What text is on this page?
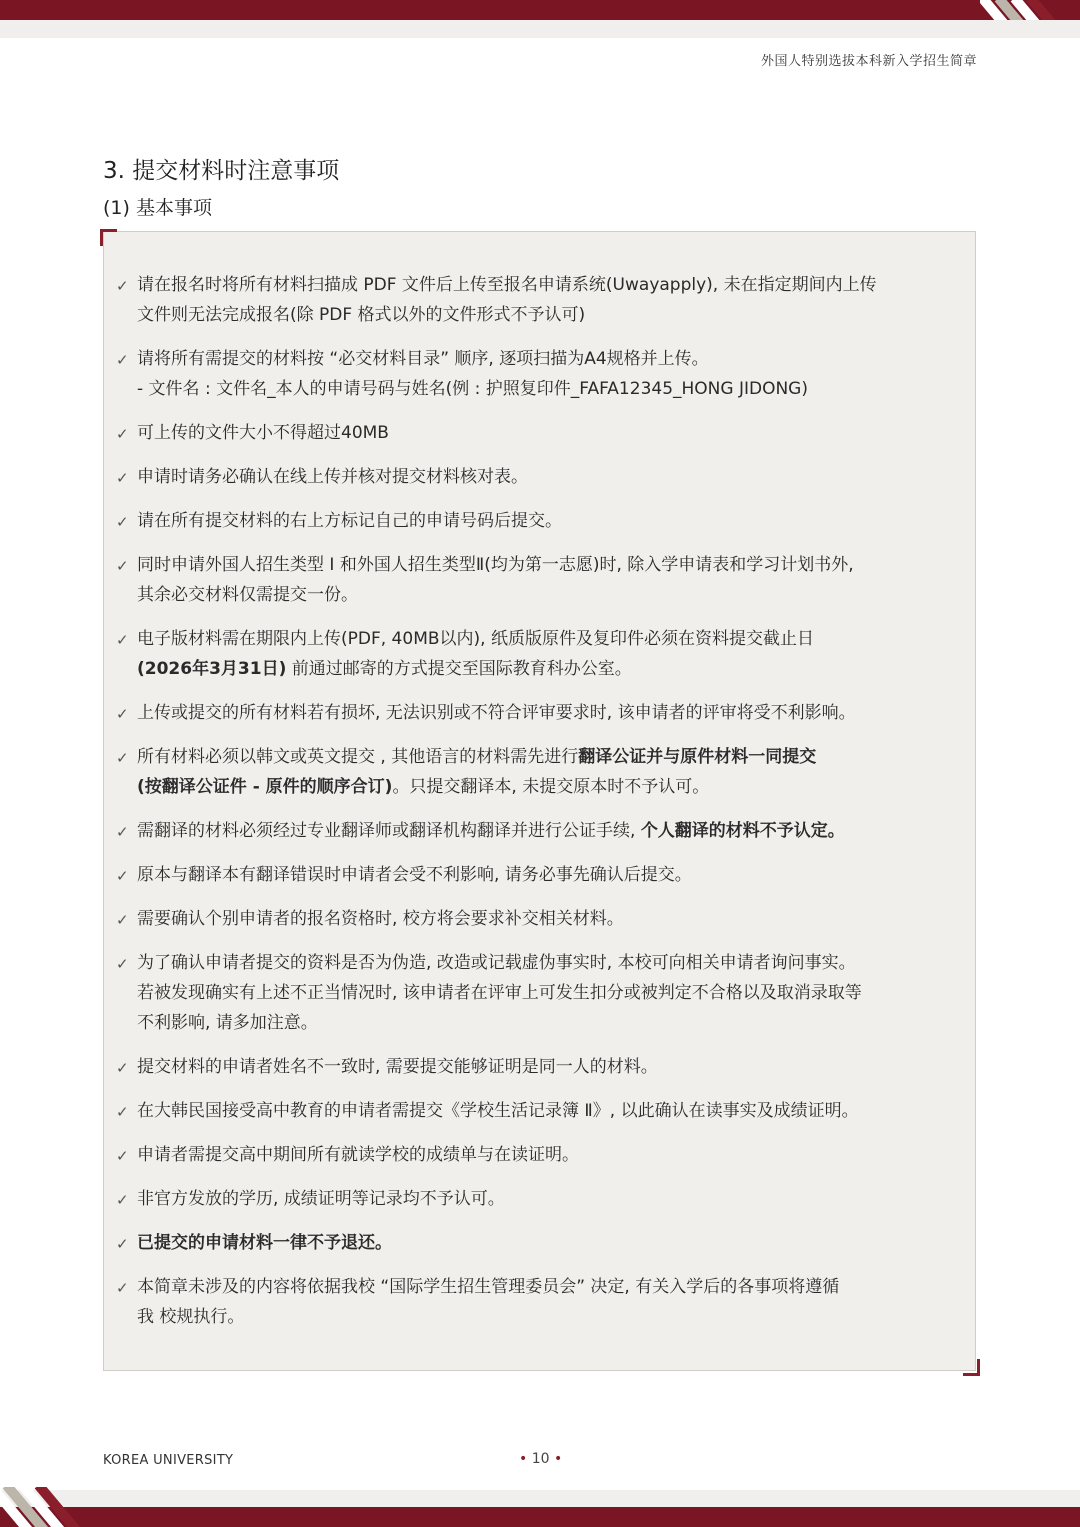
外国人特别选拔本科新入学招生简章
3. 提交材料时注意事项
(1) 基本事项
✓ 请在报名时将所有材料扫描成 PDF 文件后上传至报名申请系统(Uwayapply), 未在指定期间内上传
文件则无法完成报名(除 PDF 格式以外的文件形式不予认可)
✓ 请将所有需提交的材料按 “必交材料目录” 顺序, 逐项扫描为A4规格并上传。
- 文件名 : 文件名_本人的申请号码与姓名(例 : 护照复印件_FAFA12345_HONG JIDONG)
✓ 可上传的文件大小不得超过40MB
✓ 申请时请务必确认在线上传并核对提交材料核对表。
✓ 请在所有提交材料的右上方标记自己的申请号码后提交。
✓ 同时申请外国人招生类型 Ⅰ 和外国人招生类型Ⅱ(均为第一志愿)时, 除入学申请表和学习计划书外,
其余必交材料仅需提交一份。
✓ 电子版材料需在期限内上传(PDF, 40MB以内), 纸质版原件及复印件必须在资料提交截止日
(2026年3月31日) 前通过邮寄的方式提交至国际教育科办公室。
✓ 上传或提交的所有材料若有损坏, 无法识别或不符合评审要求时, 该申请者的评审将受不利影响。
✓ 所有材料必须以韩文或英文提交 , 其他语言的材料需先进行翻译公证并与原件材料一同提交
(按翻译公证件 - 原件的顺序合订)。只提交翻译本, 未提交原本时不予认可。
✓ 需翻译的材料必须经过专业翻译师或翻译机构翻译并进行公证手续, 个人翻译的材料不予认定。
✓ 原本与翻译本有翻译错误时申请者会受不利影响, 请务必事先确认后提交。
✓ 需要确认个别申请者的报名资格时, 校方将会要求补交相关材料。
✓ 为了确认申请者提交的资料是否为伪造, 改造或记载虚伪事实时, 本校可向相关申请者询问事实。
若被发现确实有上述不正当情况时, 该申请者在评审上可发生扣分或被判定不合格以及取消录取等
不利影响, 请多加注意。
✓ 提交材料的申请者姓名不一致时, 需要提交能够证明是同一人的材料。
✓ 在大韩民国接受高中教育的申请者需提交《学校生活记录簿 Ⅱ》, 以此确认在读事实及成绩证明。
✓ 申请者需提交高中期间所有就读学校的成绩单与在读证明。
✓ 非官方发放的学历, 成绩证明等记录均不予认可。
✓ 已提交的申请材料一律不予退还。
✓ 本简章未涉及的内容将依据我校 “国际学生招生管理委员会” 决定, 有关入学后的各事项将遵循
我 校规执行。
KOREA UNIVERSITY	• 10 •
